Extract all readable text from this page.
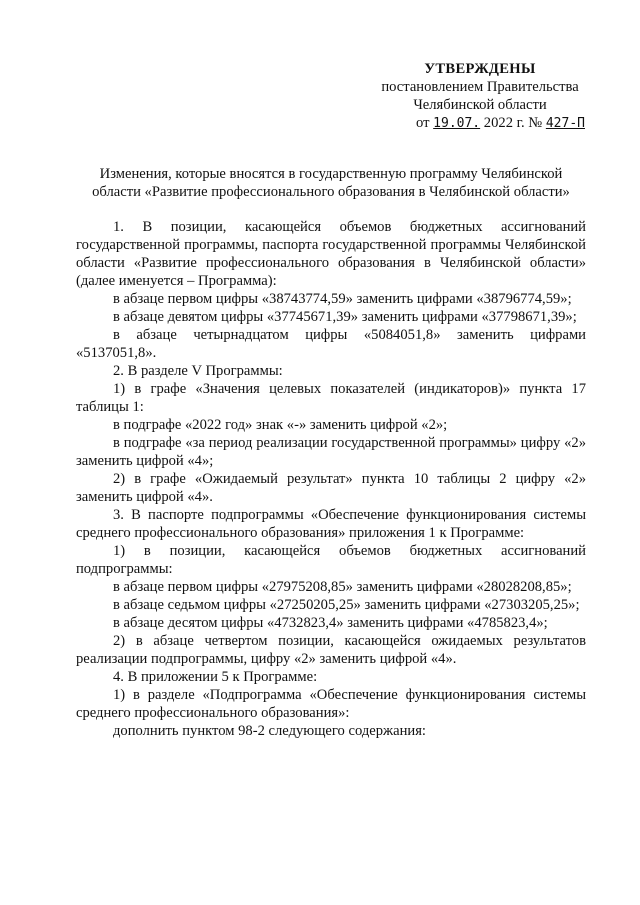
УТВЕРЖДЕНЫ
постановлением Правительства
Челябинской области
от 19.07. 2022 г. № 427-П
Изменения, которые вносятся в государственную программу Челябинской области «Развитие профессионального образования в Челябинской области»

1. В позиции, касающейся объемов бюджетных ассигнований государственной программы, паспорта государственной программы Челябинской области «Развитие профессионального образования в Челябинской области» (далее именуется – Программа):

в абзаце первом цифры «38743774,59» заменить цифрами «38796774,59»;

в абзаце девятом цифры «37745671,39» заменить цифрами «37798671,39»;

в абзаце четырнадцатом цифры «5084051,8» заменить цифрами «5137051,8».

2. В разделе V Программы:

1) в графе «Значения целевых показателей (индикаторов)» пункта 17 таблицы 1:

в подграфе «2022 год» знак «-» заменить цифрой «2»;

в подграфе «за период реализации государственной программы» цифру «2» заменить цифрой «4»;

2) в графе «Ожидаемый результат» пункта 10 таблицы 2 цифру «2» заменить цифрой «4».

3. В паспорте подпрограммы «Обеспечение функционирования системы среднего профессионального образования» приложения 1 к Программе:

1) в позиции, касающейся объемов бюджетных ассигнований подпрограммы:

в абзаце первом цифры «27975208,85» заменить цифрами «28028208,85»;

в абзаце седьмом цифры «27250205,25» заменить цифрами «27303205,25»;

в абзаце десятом цифры «4732823,4» заменить цифрами «4785823,4»;

2) в абзаце четвертом позиции, касающейся ожидаемых результатов реализации подпрограммы, цифру «2» заменить цифрой «4».

4. В приложении 5 к Программе:

1) в разделе «Подпрограмма «Обеспечение функционирования системы среднего профессионального образования»:

дополнить пунктом 98-2 следующего содержания:
